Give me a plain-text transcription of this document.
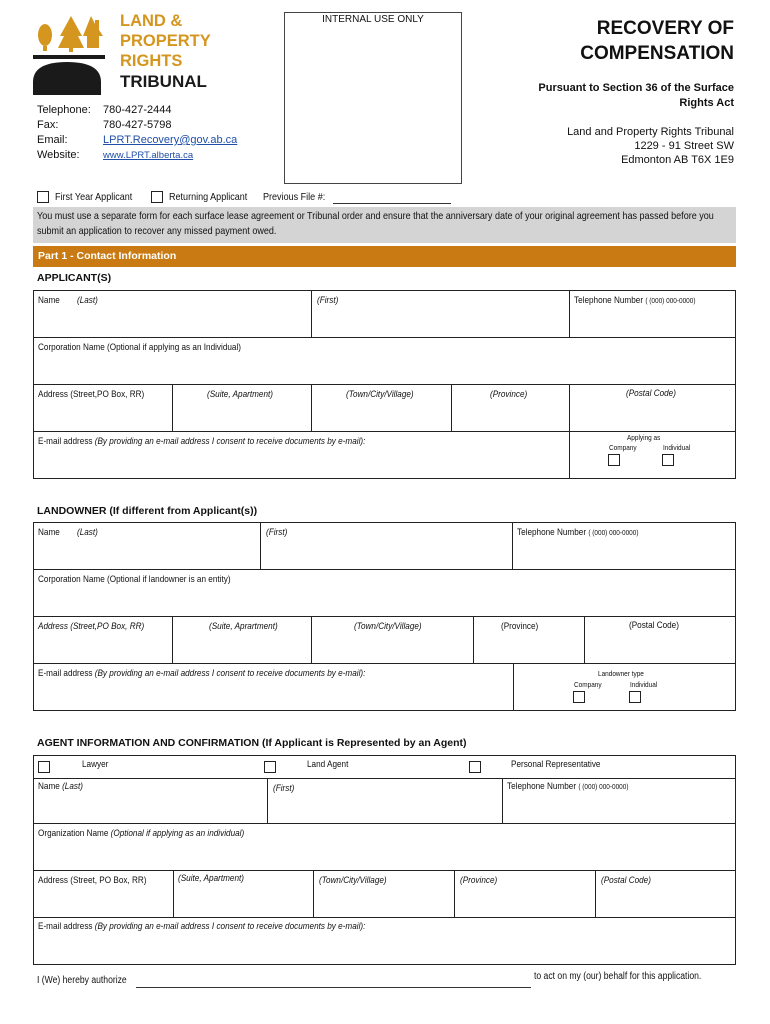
LAND &
PROPERTY
RIGHTS
TRIBUNAL
INTERNAL USE ONLY	RECOVERY OF
COMPENSATION
Pursuant to Section 36 of the Surface
Rights Act
Land and Property Rights Tribunal
1229 - 91 Street SW
Edmonton AB T6X 1E9
Telephone: 780-427-2444
Fax:	780-427-5798
Email:	LPRT.Recovery@gov.ab.ca
Website: www.LPRT.alberta.ca
First Year Applicant	Returning Applicant Previous File #:
You must use a separate form for each surface lease agreement or Tribunal order and ensure that the anniversary date of your original agreement has passed before you submit an application to recover any missed payment owed.
Part 1 - Contact Information
APPLICANT(S)
Name (Last)	(First)	Telephone Number ( (000) 000-0000)
Corporation Name (Optional if applying as an Individual)
Address (Street,PO Box, RR)	(Suite, Apartment)	(Town/City/Village)	(Province)	(Postal Code)
E-mail address (By providing an e-mail address I consent to receive documents by e-mail):	Applying as
Company	Individual
LANDOWNER (If different from Applicant(s))
Name (Last)	(First)	Telephone Number ( (000) 000-0000)
Corporation Name (Optional if landowner is an entity)
Address (Street,PO Box, RR)	(Suite, Aprartment)	(Town/City/Village)	(Province)	(Postal Code)
E-mail address (By providing an e-mail address I consent to receive documents by e-mail):	Landowner type
Company	Individual
AGENT INFORMATION AND CONFIRMATION (If Applicant is Represented by an Agent)
Lawyer	Land Agent	Personal Representative
Name (Last)	(First)	Telephone Number ( (000) 000-0000)
Organization Name (Optional if applying as an individual)
Address (Street, PO Box, RR)	(Suite, Apartment)	(Town/City/Village)	(Province)	(Postal Code)
E-mail address (By providing an e-mail address I consent to receive documents by e-mail):
I (We) hereby authorize	to act on my (our) behalf for this application.
